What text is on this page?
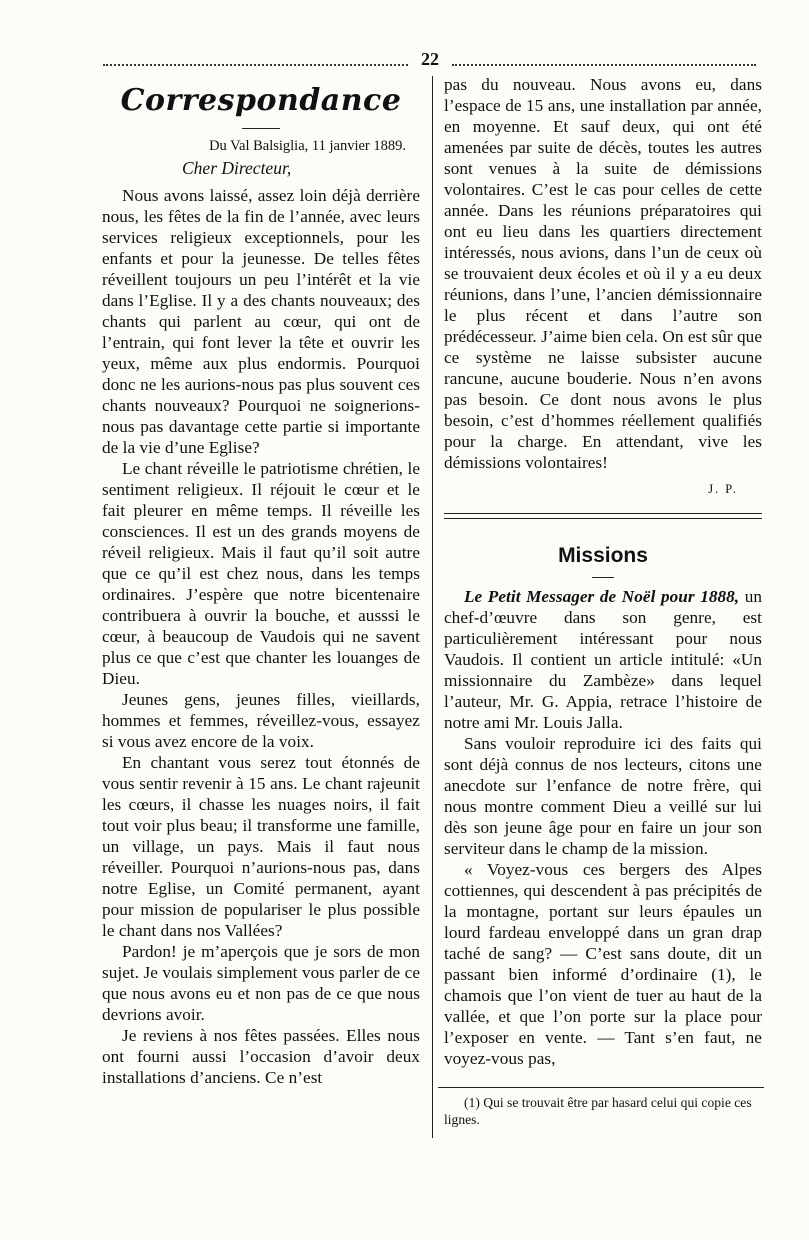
22
Correspondance
Du Val Balsiglia, 11 janvier 1889.
Cher Directeur,

Nous avons laissé, assez loin déjà derrière nous, les fêtes de la fin de l’année, avec leurs services religieux exceptionnels, pour les enfants et pour la jeunesse. De telles fêtes réveillent toujours un peu l’intérêt et la vie dans l’Eglise. Il y a des chants nouveaux; des chants qui parlent au cœur, qui ont de l’entrain, qui font lever la tête et ouvrir les yeux, même aux plus endormis. Pourquoi donc ne les aurions-nous pas plus souvent ces chants nouveaux? Pourquoi ne soignerions-nous pas davantage cette partie si importante de la vie d’une Eglise?

Le chant réveille le patriotisme chrétien, le sentiment religieux. Il réjouit le cœur et le fait pleurer en même temps. Il réveille les consciences. Il est un des grands moyens de réveil religieux. Mais il faut qu’il soit autre que ce qu’il est chez nous, dans les temps ordinaires. J’espère que notre bicentenaire contribuera à ouvrir la bouche, et ausssi le cœur, à beaucoup de Vaudois qui ne savent plus ce que c’est que chanter les louanges de Dieu.

Jeunes gens, jeunes filles, vieillards, hommes et femmes, réveillez-vous, essayez si vous avez encore de la voix.

En chantant vous serez tout étonnés de vous sentir revenir à 15 ans. Le chant rajeunit les cœurs, il chasse les nuages noirs, il fait tout voir plus beau; il transforme une famille, un village, un pays. Mais il faut nous réveiller. Pourquoi n’aurions-nous pas, dans notre Eglise, un Comité permanent, ayant pour mission de populariser le plus possible le chant dans nos Vallées?

Pardon! je m’aperçois que je sors de mon sujet. Je voulais simplement vous parler de ce que nous avons eu et non pas de ce que nous devrions avoir.

Je reviens à nos fêtes passées. Elles nous ont fourni aussi l’occasion d’avoir deux installations d’anciens. Ce n’est

pas du nouveau. Nous avons eu, dans l’espace de 15 ans, une installation par année, en moyenne. Et sauf deux, qui ont été amenées par suite de décès, toutes les autres sont venues à la suite de démissions volontaires. C’est le cas pour celles de cette année. Dans les réunions préparatoires qui ont eu lieu dans les quartiers directement intéressés, nous avions, dans l’un de ceux où se trouvaient deux écoles et où il y a eu deux réunions, dans l’une, l’ancien démissionnaire le plus récent et dans l’autre son prédécesseur. J’aime bien cela. On est sûr que ce système ne laisse subsister aucune rancune, aucune bouderie. Nous n’en avons pas besoin. Ce dont nous avons le plus besoin, c’est d’hommes réellement qualifiés pour la charge. En attendant, vive les démissions volontaires!

J. P.
Missions

Le Petit Messager de Noël pour 1888, un chef-d’œuvre dans son genre, est particulièrement intéressant pour nous Vaudois. Il contient un article intitulé: «Un missionnaire du Zambèze» dans lequel l’auteur, Mr. G. Appia, retrace l’histoire de notre ami Mr. Louis Jalla.

Sans vouloir reproduire ici des faits qui sont déjà connus de nos lecteurs, citons une anecdote sur l’enfance de notre frère, qui nous montre comment Dieu a veillé sur lui dès son jeune âge pour en faire un jour son serviteur dans le champ de la mission.

« Voyez-vous ces bergers des Alpes cottiennes, qui descendent à pas précipités de la montagne, portant sur leurs épaules un lourd fardeau enveloppé dans un gran drap taché de sang? — C’est sans doute, dit un passant bien informé d’ordinaire (1), le chamois que l’on vient de tuer au haut de la vallée, et que l’on porte sur la place pour l’exposer en vente. — Tant s’en faut, ne voyez-vous pas,

(1) Qui se trouvait être par hasard celui qui copie ces lignes.
